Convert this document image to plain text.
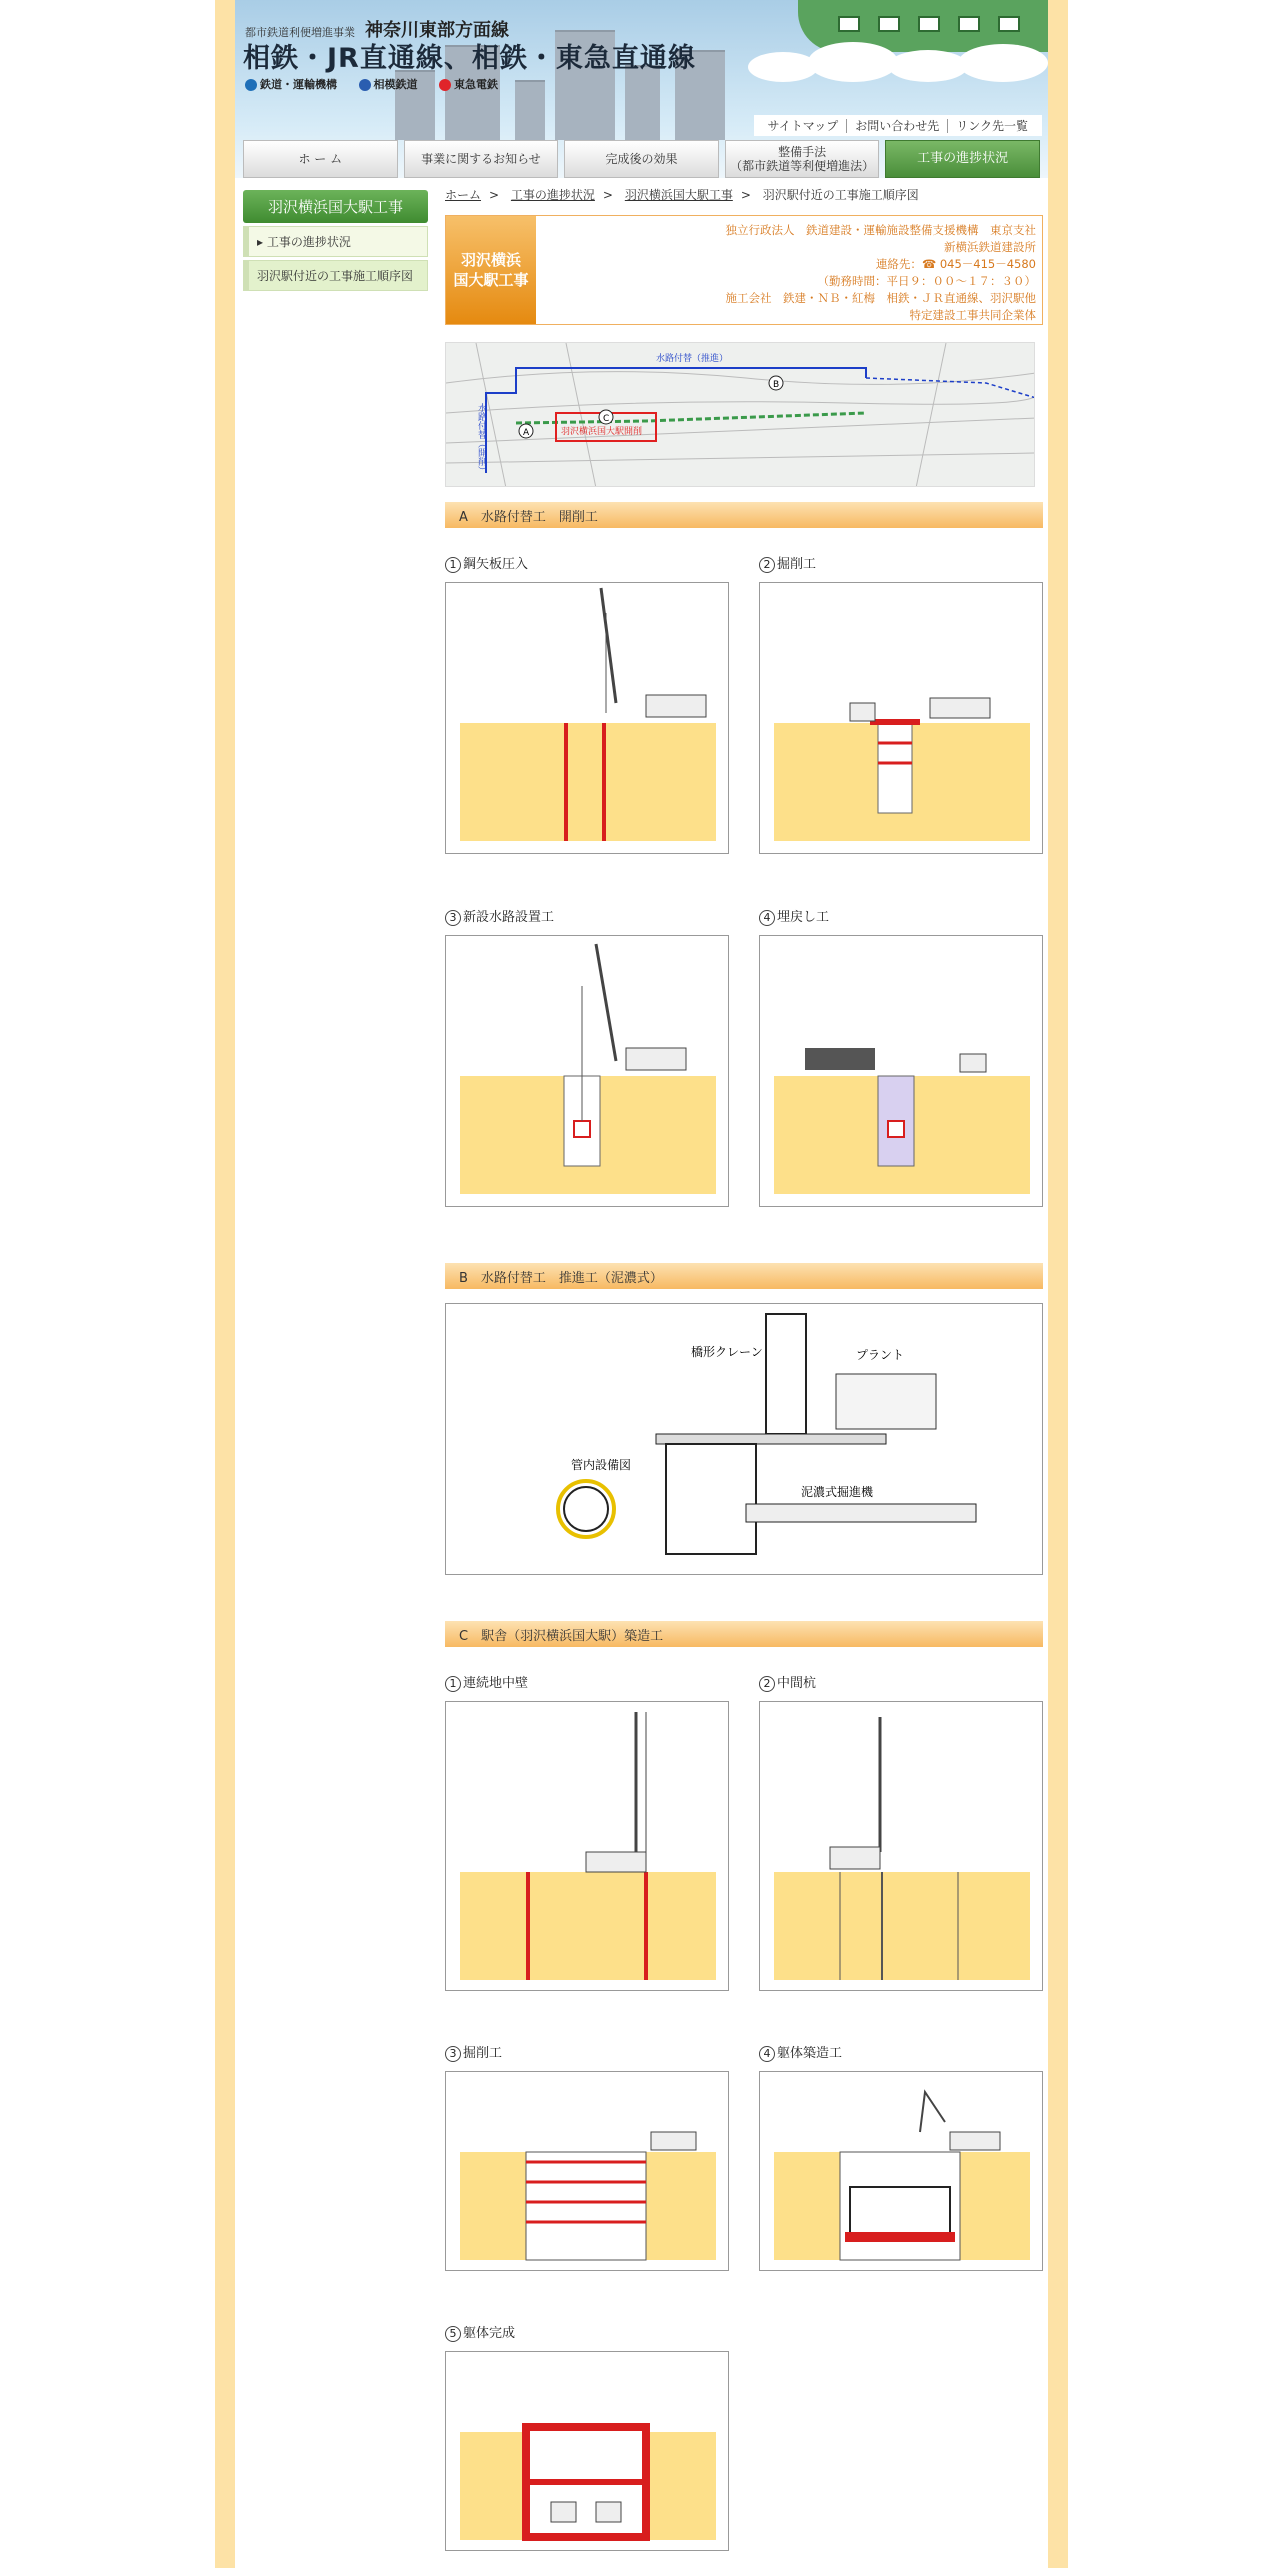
都市鉄道利便増進事業 神奈川東部方面線
相鉄・JR直通線、相鉄・東急直通線
鉄道・運輸機構	相模鉄道	東急電鉄
サイトマップ お問い合わせ先 リンク先一覧
ホ ー ム	事業に関するお知らせ	完成後の効果	整備手法
（都市鉄道等利便増進法）	工事の進捗状況
羽沢横浜国大駅工事
▸ 工事の進捗状況
羽沢駅付近の工事施工順序図
ホーム > 工事の進捗状況 > 羽沢横浜国大駅工事 > 羽沢駅付近の工事施工順序図
羽沢横浜
国大駅工事
独立行政法人　鉄道建設・運輸施設整備支援機構　東京支社
新横浜鉄道建設所
連絡先：☎ 045－415－4580
（勤務時間：平日９：００～１７：３０）
施工会社　鉄建・ＮＢ・紅梅　相鉄・ＪＲ直通線、羽沢駅他
特定建設工事共同企業体
A
C
B
水路付替（推進）
水路付替（開削）	羽沢横浜国大駅開削
A　水路付替工　開削工
1 鋼矢板圧入	2 掘削工
3 新設水路設置工	4 埋戻し工
B　水路付替工　推進工（泥濃式）
橋形クレーン	プラント
管内設備図
泥濃式掘進機
C　駅舎（羽沢横浜国大駅）築造工
1 連続地中壁	2 中間杭
3 掘削工	4 躯体築造工
5 躯体完成
